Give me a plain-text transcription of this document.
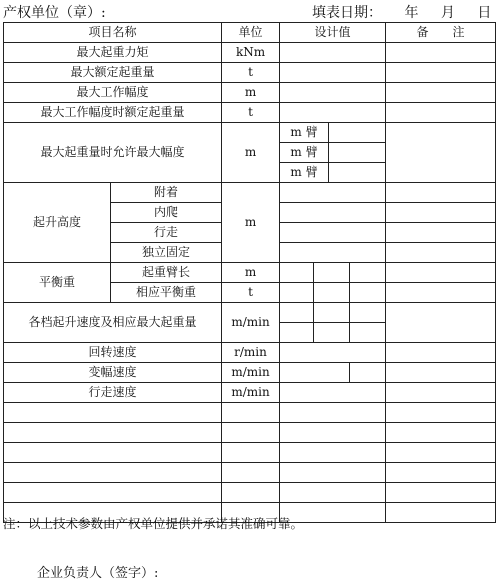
产权单位（章）:	填表日期： 年 月 日
项目名称	单位	设计值	备　　注
最大起重力矩	kNm		
最大额定起重量	t		
最大工作幅度	m		
最大工作幅度时额定起重量	t		
最大起重量时允许最大幅度	m	
m 臂	

m 臂	

m 臂	

起升高度	附着	m		
内爬		
行走		
独立固定		
平衡重	起重臂长	m				
相应平衡重	t				
各档起升速度及相应最大起重量	m/min				

回转速度	r/min		
变幅速度	m/min			
行走速度	m/min		

注：以上技术参数由产权单位提供并承诺其准确可靠。
企业负责人（签字）:
